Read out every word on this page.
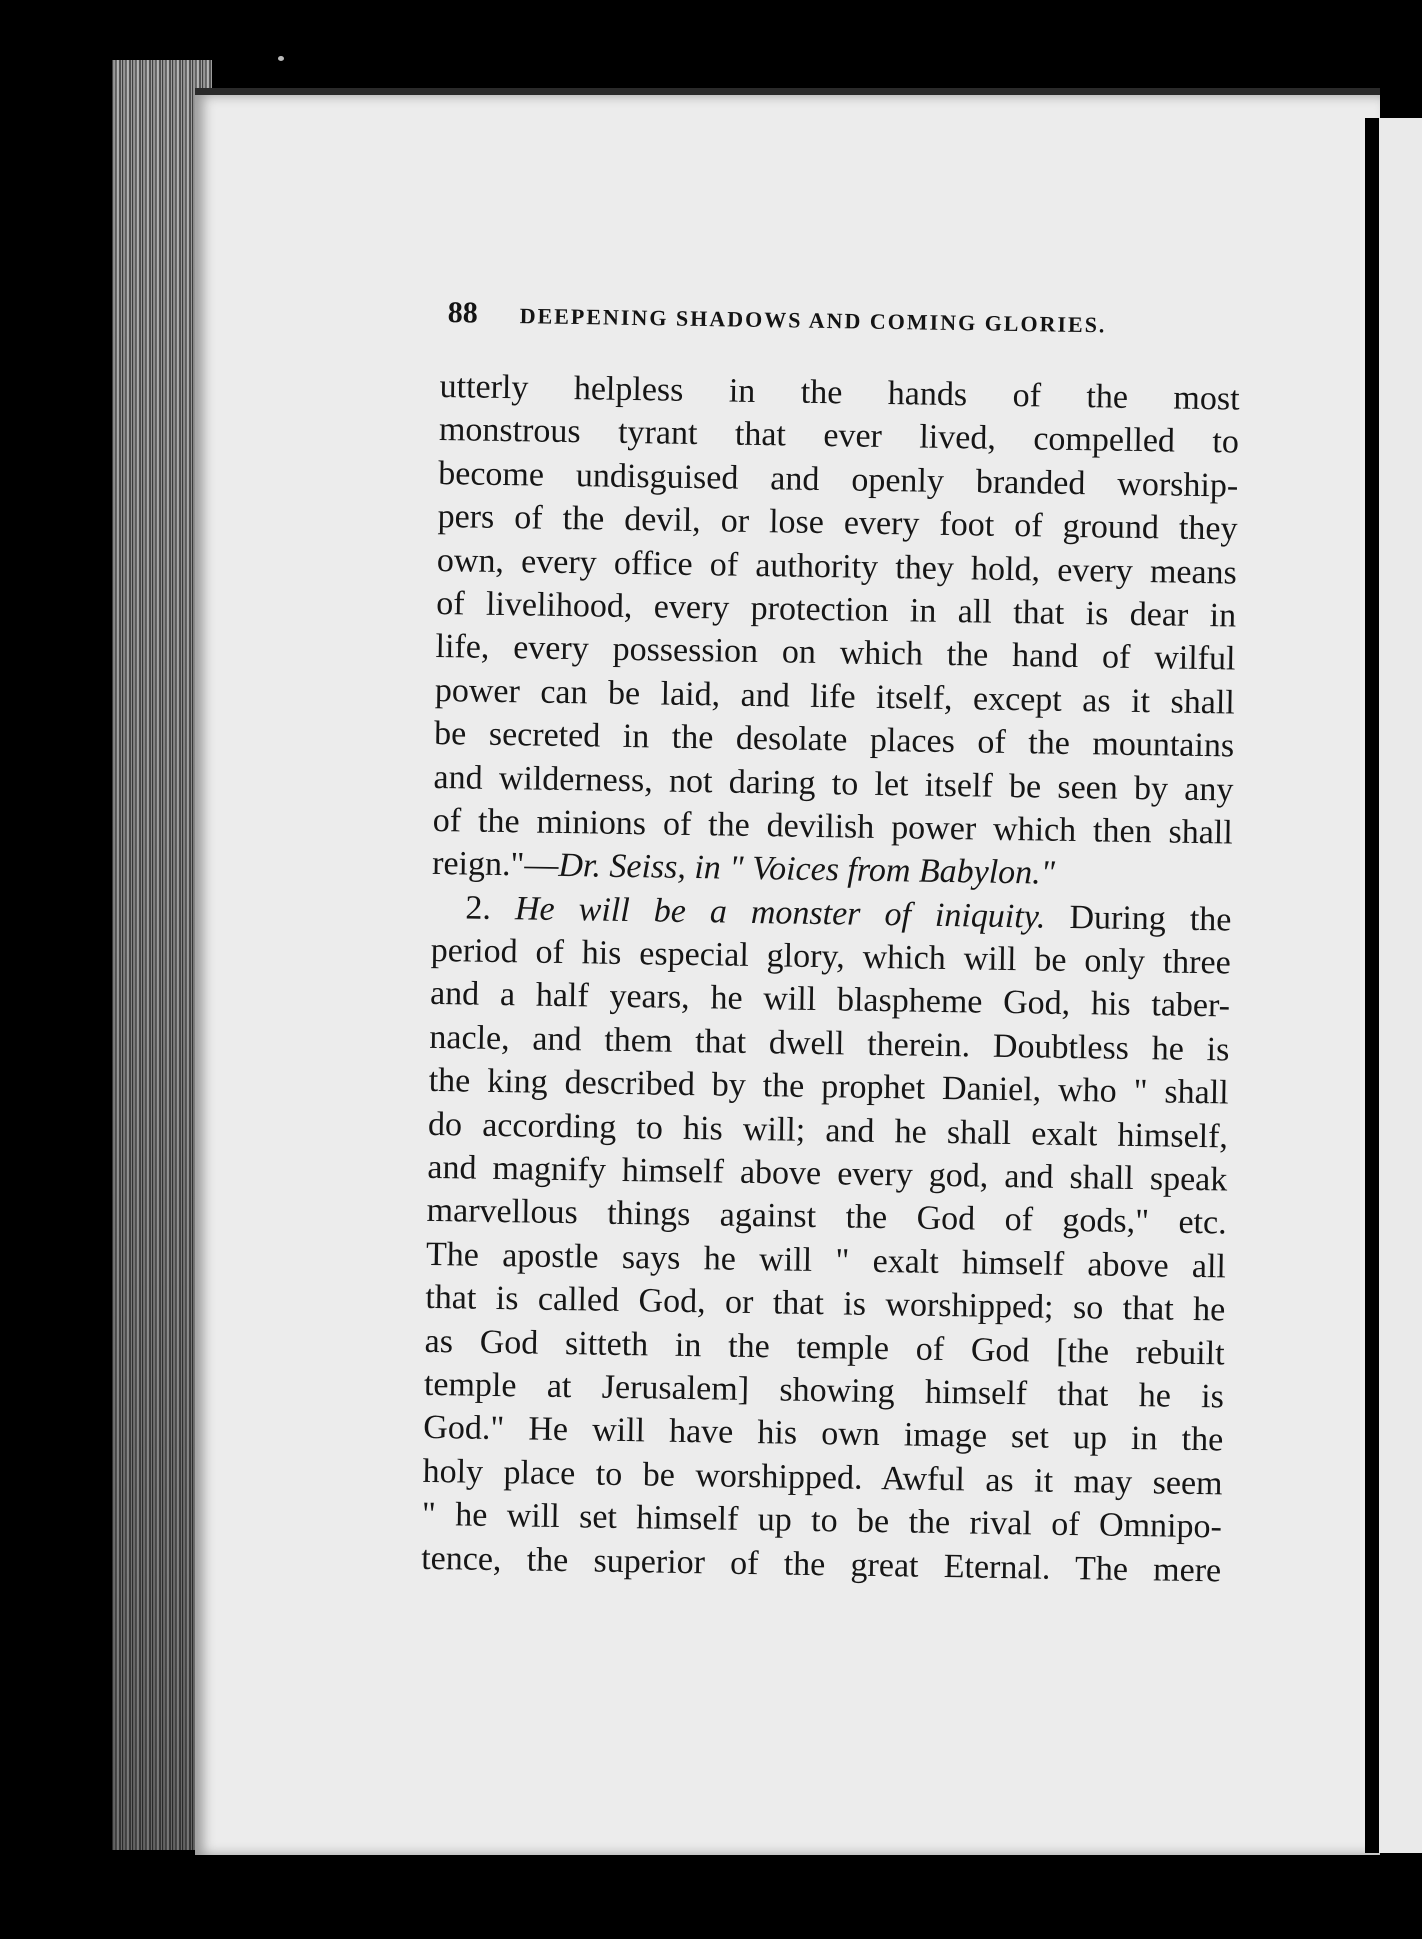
88 DEEPENING SHADOWS AND COMING GLORIES.
utterly helpless in the hands of the most
monstrous tyrant that ever lived, compelled to
become undisguised and openly branded worship-
pers of the devil, or lose every foot of ground they
own, every office of authority they hold, every means
of livelihood, every protection in all that is dear in
life, every possession on which the hand of wilful
power can be laid, and life itself, except as it shall
be secreted in the desolate places of the mountains
and wilderness, not daring to let itself be seen by any
of the minions of the devilish power which then shall
reign."—Dr. Seiss, in " Voices from Babylon."
2. He will be a monster of iniquity. During the
period of his especial glory, which will be only three
and a half years, he will blaspheme God, his taber-
nacle, and them that dwell therein. Doubtless he is
the king described by the prophet Daniel, who " shall
do according to his will; and he shall exalt himself,
and magnify himself above every god, and shall speak
marvellous things against the God of gods," etc.
The apostle says he will " exalt himself above all
that is called God, or that is worshipped; so that he
as God sitteth in the temple of God [the rebuilt
temple at Jerusalem] showing himself that he is
God." He will have his own image set up in the
holy place to be worshipped. Awful as it may seem
" he will set himself up to be the rival of Omnipo-
tence, the superior of the great Eternal. The mere
